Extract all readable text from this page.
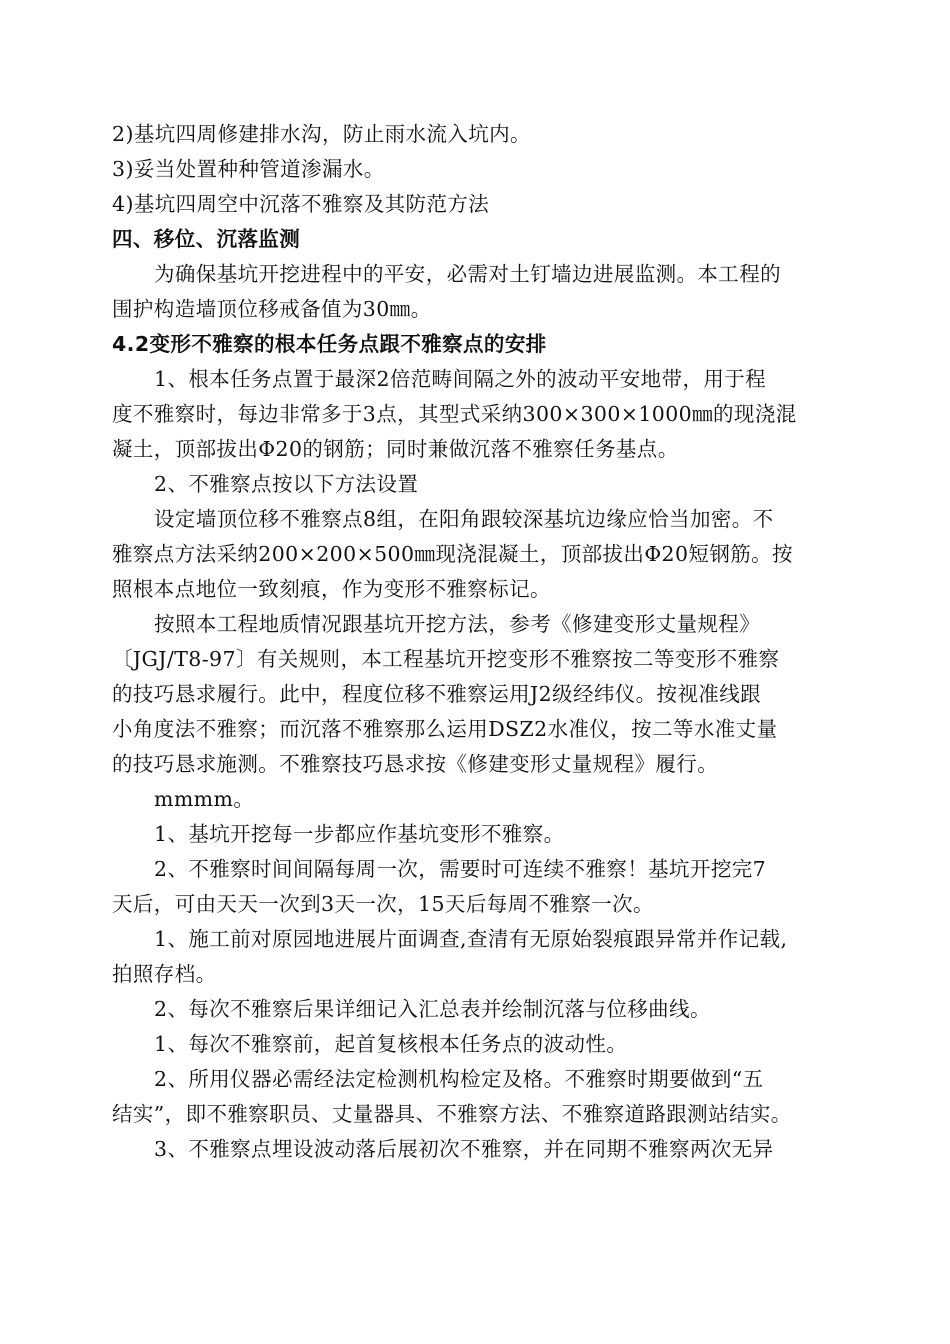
2)基坑四周修建排水沟，防止雨水流入坑内。
3)妥当处置种种管道渗漏水。
4)基坑四周空中沉落不雅察及其防范方法
四、移位、沉落监测
为确保基坑开挖进程中的平安，必需对土钉墙边进展监测。本工程的
围护构造墙顶位移戒备值为30㎜。
4.2变形不雅察的根本任务点跟不雅察点的安排
1、根本任务点置于最深2倍范畴间隔之外的波动平安地带，用于程
度不雅察时，每边非常多于3点，其型式采纳300×300×1000㎜的现浇混
凝土，顶部拔出Φ20的钢筋；同时兼做沉落不雅察任务基点。
2、不雅察点按以下方法设置
设定墙顶位移不雅察点8组，在阳角跟较深基坑边缘应恰当加密。不
雅察点方法采纳200×200×500㎜现浇混凝土，顶部拔出Φ20短钢筋。按
照根本点地位一致刻痕，作为变形不雅察标记。
按照本工程地质情况跟基坑开挖方法，参考《修建变形丈量规程》
〔JGJ/T8-97〕有关规则，本工程基坑开挖变形不雅察按二等变形不雅察
的技巧恳求履行。此中，程度位移不雅察运用J2级经纬仪。按视准线跟
小角度法不雅察；而沉落不雅察那么运用DSZ2水准仪，按二等水准丈量
的技巧恳求施测。不雅察技巧恳求按《修建变形丈量规程》履行。
mmmm。
1、基坑开挖每一步都应作基坑变形不雅察。
2、不雅察时间间隔每周一次，需要时可连续不雅察！基坑开挖完7
天后，可由天天一次到3天一次，15天后每周不雅察一次。
1、施工前对原园地进展片面调查,查清有无原始裂痕跟异常并作记载,
拍照存档。
2、每次不雅察后果详细记入汇总表并绘制沉落与位移曲线。
1、每次不雅察前，起首复核根本任务点的波动性。
2、所用仪器必需经法定检测机构检定及格。不雅察时期要做到“五
结实”，即不雅察职员、丈量器具、不雅察方法、不雅察道路跟测站结实。
3、不雅察点埋设波动落后展初次不雅察，并在同期不雅察两次无异
